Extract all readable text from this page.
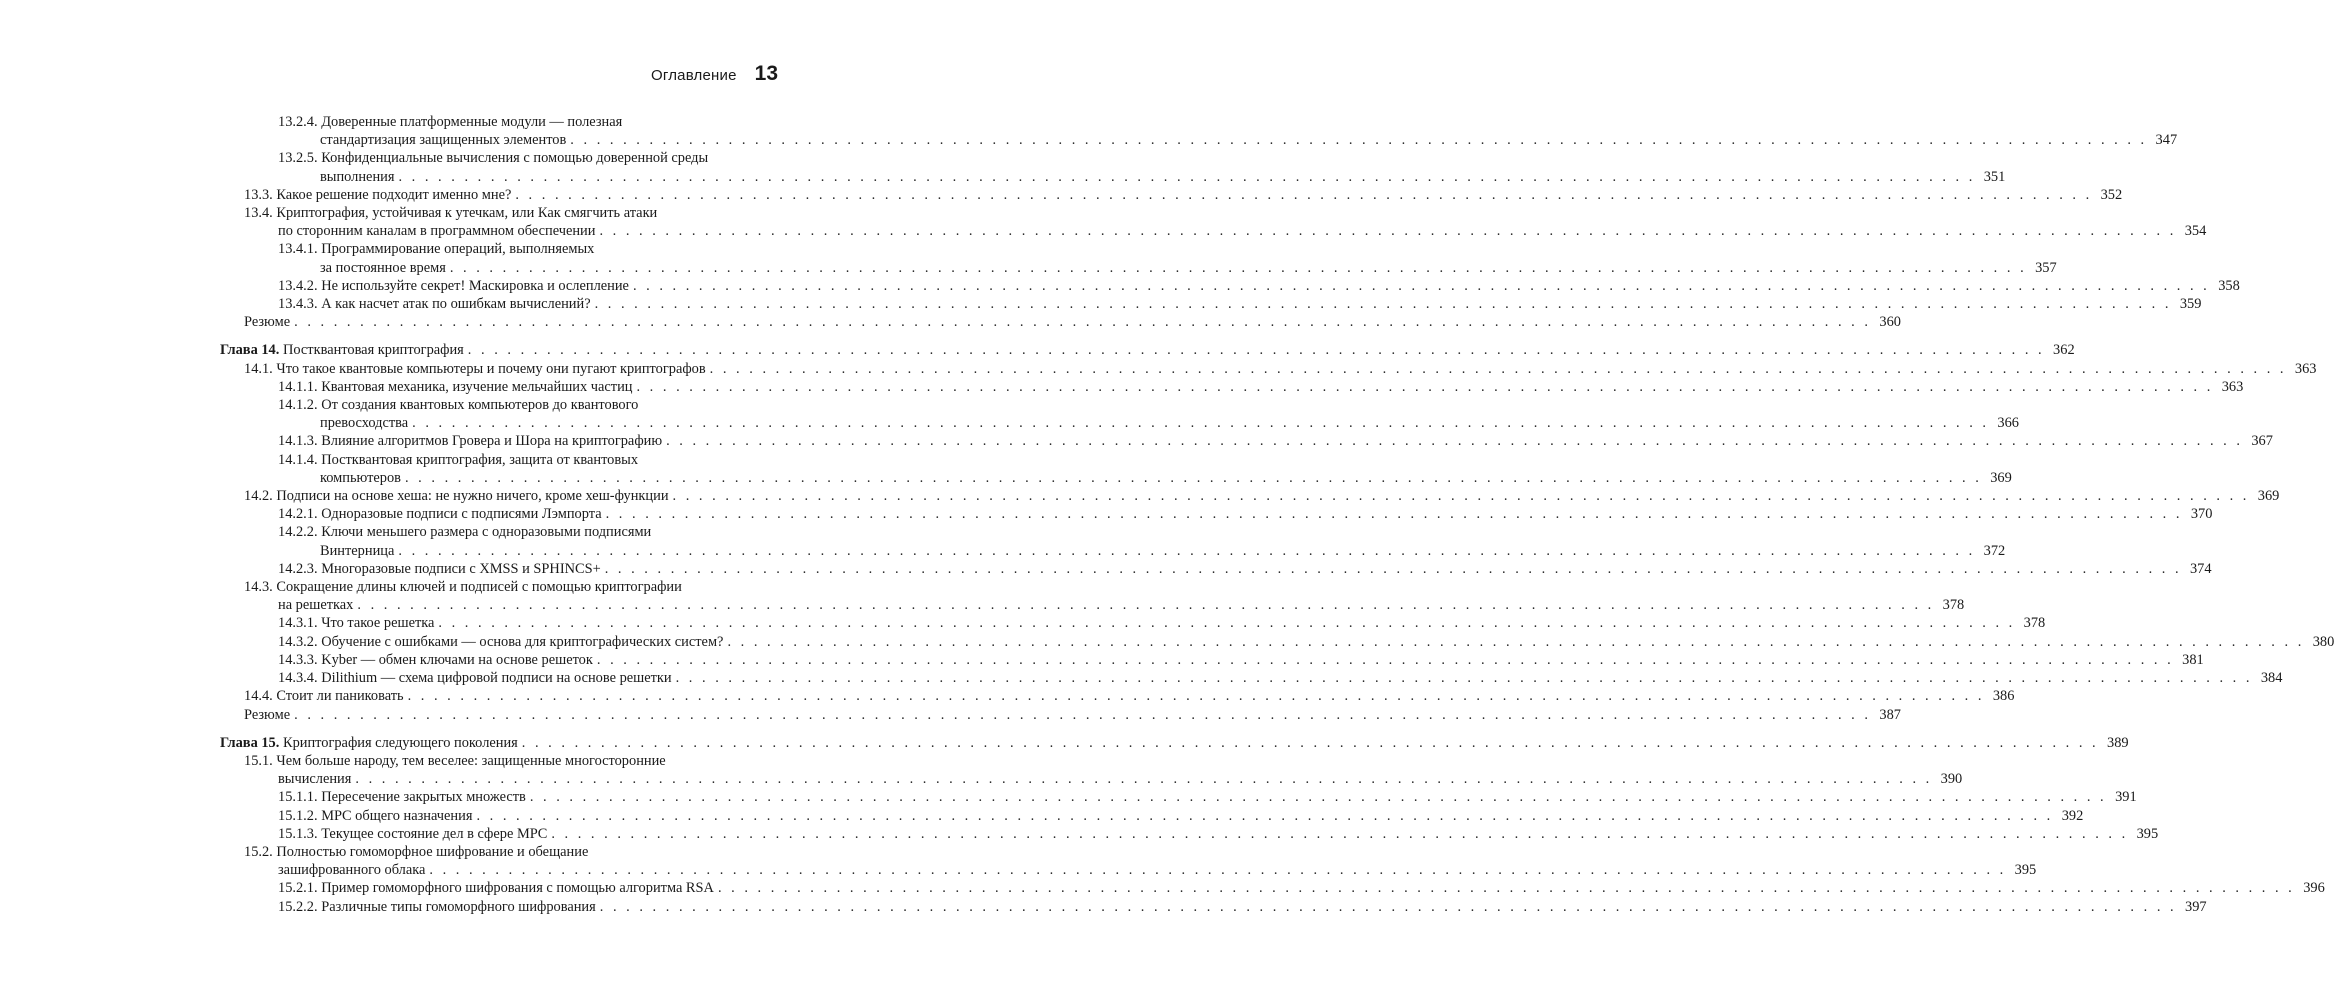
Оглавление 13
13.2.4. Доверенные платформенные модули — полезная
стандартизация защищенных элементов . . . . . . . . . . . . . . . . . . . . . . . . . . . . . . . . . . . . . . . . . . . . . . . . . . . . . . . . . . . . . . . . . . . . . . . . . . . . . . . . . . . . . . . . . . . . . . . . . . . . . . . . . . . . . . . . . . . . . . . . 347
13.2.5. Конфиденциальные вычисления с помощью доверенной среды
выполнения . . . . . . . . . . . . . . . . . . . . . . . . . . . . . . . . . . . . . . . . . . . . . . . . . . . . . . . . . . . . . . . . . . . . . . . . . . . . . . . . . . . . . . . . . . . . . . . . . . . . . . . . . . . . . . . . . . . . . . . . 351
13.3. Какое решение подходит именно мне? . . . . . . . . . . . . . . . . . . . . . . . . . . . . . . . . . . . . . . . . . . . . . . . . . . . . . . . . . . . . . . . . . . . . . . . . . . . . . . . . . . . . . . . . . . . . . . . . . . . . . . . . . . . . . . . . . . . . . . . . 352
13.4. Криптография, устойчивая к утечкам, или Как смягчить атаки
по сторонним каналам в программном обеспечении . . . . . . . . . . . . . . . . . . . . . . . . . . . . . . . . . . . . . . . . . . . . . . . . . . . . . . . . . . . . . . . . . . . . . . . . . . . . . . . . . . . . . . . . . . . . . . . . . . . . . . . . . . . . . . . . . . . . . . . . 354
13.4.1. Программирование операций, выполняемых
за постоянное время . . . . . . . . . . . . . . . . . . . . . . . . . . . . . . . . . . . . . . . . . . . . . . . . . . . . . . . . . . . . . . . . . . . . . . . . . . . . . . . . . . . . . . . . . . . . . . . . . . . . . . . . . . . . . . . . . . . . . . . . 357
13.4.2. Не используйте секрет! Маскировка и ослепление . . . . . . . . . . . . . . . . . . . . . . . . . . . . . . . . . . . . . . . . . . . . . . . . . . . . . . . . . . . . . . . . . . . . . . . . . . . . . . . . . . . . . . . . . . . . . . . . . . . . . . . . . . . . . . . . . . . . . . . . 358
13.4.3. А как насчет атак по ошибкам вычислений? . . . . . . . . . . . . . . . . . . . . . . . . . . . . . . . . . . . . . . . . . . . . . . . . . . . . . . . . . . . . . . . . . . . . . . . . . . . . . . . . . . . . . . . . . . . . . . . . . . . . . . . . . . . . . . . . . . . . . . . . 359
Резюме . . . . . . . . . . . . . . . . . . . . . . . . . . . . . . . . . . . . . . . . . . . . . . . . . . . . . . . . . . . . . . . . . . . . . . . . . . . . . . . . . . . . . . . . . . . . . . . . . . . . . . . . . . . . . . . . . . . . . . . . 360
Глава 14. Постквантовая криптография . . . . . . . . . . . . . . . . . . . . . . . . . . . . . . . . . . . . . . . . . . . . . . . . . . . . . . . . . . . . . . . . . . . . . . . . . . . . . . . . . . . . . . . . . . . . . . . . . . . . . . . . . . . . . . . . . . . . . . . . 362
14.1. Что такое квантовые компьютеры и почему они пугают криптографов . . . . . . . . . . . . . . . . . . . . . . . . . . . . . . . . . . . . . . . . . . . . . . . . . . . . . . . . . . . . . . . . . . . . . . . . . . . . . . . . . . . . . . . . . . . . . . . . . . . . . . . . . . . . . . . . . . . . . . . . 363
14.1.1. Квантовая механика, изучение мельчайших частиц . . . . . . . . . . . . . . . . . . . . . . . . . . . . . . . . . . . . . . . . . . . . . . . . . . . . . . . . . . . . . . . . . . . . . . . . . . . . . . . . . . . . . . . . . . . . . . . . . . . . . . . . . . . . . . . . . . . . . . . . 363
14.1.2. От создания квантовых компьютеров до квантового
превосходства . . . . . . . . . . . . . . . . . . . . . . . . . . . . . . . . . . . . . . . . . . . . . . . . . . . . . . . . . . . . . . . . . . . . . . . . . . . . . . . . . . . . . . . . . . . . . . . . . . . . . . . . . . . . . . . . . . . . . . . . 366
14.1.3. Влияние алгоритмов Гровера и Шора на криптографию . . . . . . . . . . . . . . . . . . . . . . . . . . . . . . . . . . . . . . . . . . . . . . . . . . . . . . . . . . . . . . . . . . . . . . . . . . . . . . . . . . . . . . . . . . . . . . . . . . . . . . . . . . . . . . . . . . . . . . . . 367
14.1.4. Постквантовая криптография, защита от квантовых
компьютеров . . . . . . . . . . . . . . . . . . . . . . . . . . . . . . . . . . . . . . . . . . . . . . . . . . . . . . . . . . . . . . . . . . . . . . . . . . . . . . . . . . . . . . . . . . . . . . . . . . . . . . . . . . . . . . . . . . . . . . . . 369
14.2. Подписи на основе хеша: не нужно ничего, кроме хеш-функции . . . . . . . . . . . . . . . . . . . . . . . . . . . . . . . . . . . . . . . . . . . . . . . . . . . . . . . . . . . . . . . . . . . . . . . . . . . . . . . . . . . . . . . . . . . . . . . . . . . . . . . . . . . . . . . . . . . . . . . . 369
14.2.1. Одноразовые подписи с подписями Лэмпорта . . . . . . . . . . . . . . . . . . . . . . . . . . . . . . . . . . . . . . . . . . . . . . . . . . . . . . . . . . . . . . . . . . . . . . . . . . . . . . . . . . . . . . . . . . . . . . . . . . . . . . . . . . . . . . . . . . . . . . . . 370
14.2.2. Ключи меньшего размера с одноразовыми подписями
Винтерница . . . . . . . . . . . . . . . . . . . . . . . . . . . . . . . . . . . . . . . . . . . . . . . . . . . . . . . . . . . . . . . . . . . . . . . . . . . . . . . . . . . . . . . . . . . . . . . . . . . . . . . . . . . . . . . . . . . . . . . . 372
14.2.3. Многоразовые подписи с XMSS и SPHINCS+ . . . . . . . . . . . . . . . . . . . . . . . . . . . . . . . . . . . . . . . . . . . . . . . . . . . . . . . . . . . . . . . . . . . . . . . . . . . . . . . . . . . . . . . . . . . . . . . . . . . . . . . . . . . . . . . . . . . . . . . . 374
14.3. Сокращение длины ключей и подписей с помощью криптографии
на решетках . . . . . . . . . . . . . . . . . . . . . . . . . . . . . . . . . . . . . . . . . . . . . . . . . . . . . . . . . . . . . . . . . . . . . . . . . . . . . . . . . . . . . . . . . . . . . . . . . . . . . . . . . . . . . . . . . . . . . . . . 378
14.3.1. Что такое решетка . . . . . . . . . . . . . . . . . . . . . . . . . . . . . . . . . . . . . . . . . . . . . . . . . . . . . . . . . . . . . . . . . . . . . . . . . . . . . . . . . . . . . . . . . . . . . . . . . . . . . . . . . . . . . . . . . . . . . . . . 378
14.3.2. Обучение с ошибками — основа для криптографических систем? . . . . . . . . . . . . . . . . . . . . . . . . . . . . . . . . . . . . . . . . . . . . . . . . . . . . . . . . . . . . . . . . . . . . . . . . . . . . . . . . . . . . . . . . . . . . . . . . . . . . . . . . . . . . . . . . . . . . . . . . 380
14.3.3. Kyber — обмен ключами на основе решеток . . . . . . . . . . . . . . . . . . . . . . . . . . . . . . . . . . . . . . . . . . . . . . . . . . . . . . . . . . . . . . . . . . . . . . . . . . . . . . . . . . . . . . . . . . . . . . . . . . . . . . . . . . . . . . . . . . . . . . . . 381
14.3.4. Dilithium — схема цифровой подписи на основе решетки . . . . . . . . . . . . . . . . . . . . . . . . . . . . . . . . . . . . . . . . . . . . . . . . . . . . . . . . . . . . . . . . . . . . . . . . . . . . . . . . . . . . . . . . . . . . . . . . . . . . . . . . . . . . . . . . . . . . . . . . 384
14.4. Стоит ли паниковать . . . . . . . . . . . . . . . . . . . . . . . . . . . . . . . . . . . . . . . . . . . . . . . . . . . . . . . . . . . . . . . . . . . . . . . . . . . . . . . . . . . . . . . . . . . . . . . . . . . . . . . . . . . . . . . . . . . . . . . . 386
Резюме . . . . . . . . . . . . . . . . . . . . . . . . . . . . . . . . . . . . . . . . . . . . . . . . . . . . . . . . . . . . . . . . . . . . . . . . . . . . . . . . . . . . . . . . . . . . . . . . . . . . . . . . . . . . . . . . . . . . . . . . 387
Глава 15. Криптография следующего поколения . . . . . . . . . . . . . . . . . . . . . . . . . . . . . . . . . . . . . . . . . . . . . . . . . . . . . . . . . . . . . . . . . . . . . . . . . . . . . . . . . . . . . . . . . . . . . . . . . . . . . . . . . . . . . . . . . . . . . . . . 389
15.1. Чем больше народу, тем веселее: защищенные многосторонние
вычисления . . . . . . . . . . . . . . . . . . . . . . . . . . . . . . . . . . . . . . . . . . . . . . . . . . . . . . . . . . . . . . . . . . . . . . . . . . . . . . . . . . . . . . . . . . . . . . . . . . . . . . . . . . . . . . . . . . . . . . . . 390
15.1.1. Пересечение закрытых множеств . . . . . . . . . . . . . . . . . . . . . . . . . . . . . . . . . . . . . . . . . . . . . . . . . . . . . . . . . . . . . . . . . . . . . . . . . . . . . . . . . . . . . . . . . . . . . . . . . . . . . . . . . . . . . . . . . . . . . . . . 391
15.1.2. MPC общего назначения . . . . . . . . . . . . . . . . . . . . . . . . . . . . . . . . . . . . . . . . . . . . . . . . . . . . . . . . . . . . . . . . . . . . . . . . . . . . . . . . . . . . . . . . . . . . . . . . . . . . . . . . . . . . . . . . . . . . . . . . 392
15.1.3. Текущее состояние дел в сфере MPC . . . . . . . . . . . . . . . . . . . . . . . . . . . . . . . . . . . . . . . . . . . . . . . . . . . . . . . . . . . . . . . . . . . . . . . . . . . . . . . . . . . . . . . . . . . . . . . . . . . . . . . . . . . . . . . . . . . . . . . . 395
15.2. Полностью гомоморфное шифрование и обещание
зашифрованного облака . . . . . . . . . . . . . . . . . . . . . . . . . . . . . . . . . . . . . . . . . . . . . . . . . . . . . . . . . . . . . . . . . . . . . . . . . . . . . . . . . . . . . . . . . . . . . . . . . . . . . . . . . . . . . . . . . . . . . . . . 395
15.2.1. Пример гомоморфного шифрования с помощью алгоритма RSA . . . . . . . . . . . . . . . . . . . . . . . . . . . . . . . . . . . . . . . . . . . . . . . . . . . . . . . . . . . . . . . . . . . . . . . . . . . . . . . . . . . . . . . . . . . . . . . . . . . . . . . . . . . . . . . . . . . . . . . . 396
15.2.2. Различные типы гомоморфного шифрования . . . . . . . . . . . . . . . . . . . . . . . . . . . . . . . . . . . . . . . . . . . . . . . . . . . . . . . . . . . . . . . . . . . . . . . . . . . . . . . . . . . . . . . . . . . . . . . . . . . . . . . . . . . . . . . . . . . . . . . . 397
